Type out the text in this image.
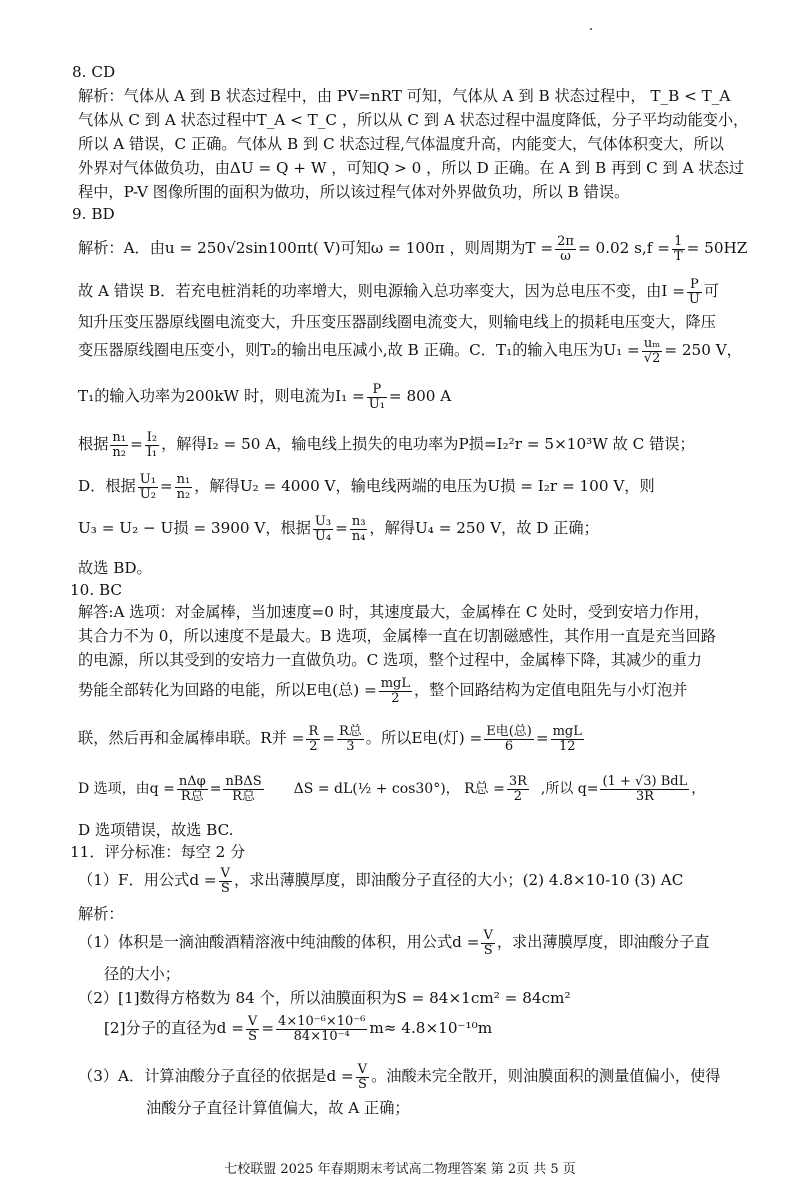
8. CD
解析：气体从 A 到 B 状态过程中，由 PV=nRT 可知，气体从 A 到 B 状态过程中， T_B < T_A
气体从 C 到 A 状态过程中T_A < T_C ，所以从 C 到 A 状态过程中温度降低，分子平均动能变小，
所以 A 错误，C 正确。气体从 B 到 C 状态过程,气体温度升高，内能变大，气体体积变大，所以
外界对气体做负功，由ΔU = Q + W ，可知Q > 0 ，所以 D 正确。在 A 到 B 再到 C 到 A 状态过
程中，P-V 图像所围的面积为做功，所以该过程气体对外界做负功，所以 B 错误。
9. BD
解析：A．由u = 250√2sin100πt( V)可知ω = 100π ，则周期为$T = \frac{2\pi}{\omega} = 0.02$ $s,f = \frac{1}{T} = 50HZ$
故 A 错误 B．若充电桩消耗的功率增大，则电源输入总功率变大，因为总电压不变，由$I = \frac{P}{U}$ 可
知升压变压器原线圈电流变大，升压变压器副线圈电流变大，则输电线上的损耗电压变大，降压
变压器原线圈电压变小，则T₂的输出电压减小,故 B 正确。C．T₁的输入电压为$U_1 = \frac{\text{uₘ}}{√2} = 250$ V，
T₁的输入功率为200kW 时，则电流为$I_1 = \frac{P}{\text{U₁}} = 800$ A
根据 $\frac{\text{n₁}}{\text{n₂}} = \frac{\text{I₂}}{\text{I₁}}$ ，解得I₂ = 50 A，输电线上损失的电功率为P损=I₂²r = 5×10³W 故 C 错误；
D．根据 $\frac{\text{U₁}}{\text{U₂}} = \frac{\text{n₁}}{\text{n₂}}$ ，解得U₂ = 4000 V，输电线两端的电压为U损 = I₂r = 100 V，则
U₃ = U₂ − U损 = 3900 V，根据 $\frac{\text{U₃}}{\text{U₄}} = \frac{\text{n₃}}{\text{n₄}}$ ，解得U₄ = 250 V，故 D 正确；
故选 BD。
10. BC
解答:A 选项：对金属棒，当加速度=0 时，其速度最大，金属棒在 C 处时，受到安培力作用，
其合力不为 0，所以速度不是最大。B 选项，金属棒一直在切割磁感性，其作用一直是充当回路
的电源，所以其受到的安培力一直做负功。C 选项，整个过程中，金属棒下降，其减少的重力
势能全部转化为回路的电能，所以E电(总) = $\frac{\text{mgL}}{2}$ ，整个回路结构为定值电阻先与小灯泡并
联，然后再和金属棒串联。R并 = $\frac{R}{2} = \frac{\text{R总}}{3}$ 。所以E电(灯) = $\frac{\text{E电(总)}}{6} = \frac{\text{mgL}}{12}$
D 选项，由$q = \frac{\text{nΔφ}}{\text{R总}} = \frac{\text{nBΔS}}{\text{R总}}$ ΔS = dL(½ + cos30°)， R总 = $\frac{3R}{2}$ ,所以 $q= \frac{\text{(1 + √3) BdL}}{3R}$ ，
D 选项错误，故选 BC.
11．评分标准：每空 2 分
（1）F．用公式$d = \frac{V}{S}$ ，求出薄膜厚度，即油酸分子直径的大小；(2) 4.8×10-10 (3) AC
解析：
（1）体积是一滴油酸酒精溶液中纯油酸的体积，用公式$d = \frac{V}{S}$ ，求出薄膜厚度，即油酸分子直
径的大小；
（2）[1]数得方格数为 84 个，所以油膜面积为S = 84×1cm² = 84cm²
[2]分子的直径为$d = \frac{V}{S} = \frac{\text{4×10⁻⁶×10⁻⁶}}{\text{84×10⁻⁴}} m\approx 4.8\times 10^{-10}m$
（3）A．计算油酸分子直径的依据是$d = \frac{V}{S}$ 。油酸未完全散开，则油膜面积的测量值偏小，使得
油酸分子直径计算值偏大，故 A 正确；
七校联盟 2025 年春期期末考试高二物理答案 第 2页 共 5 页
